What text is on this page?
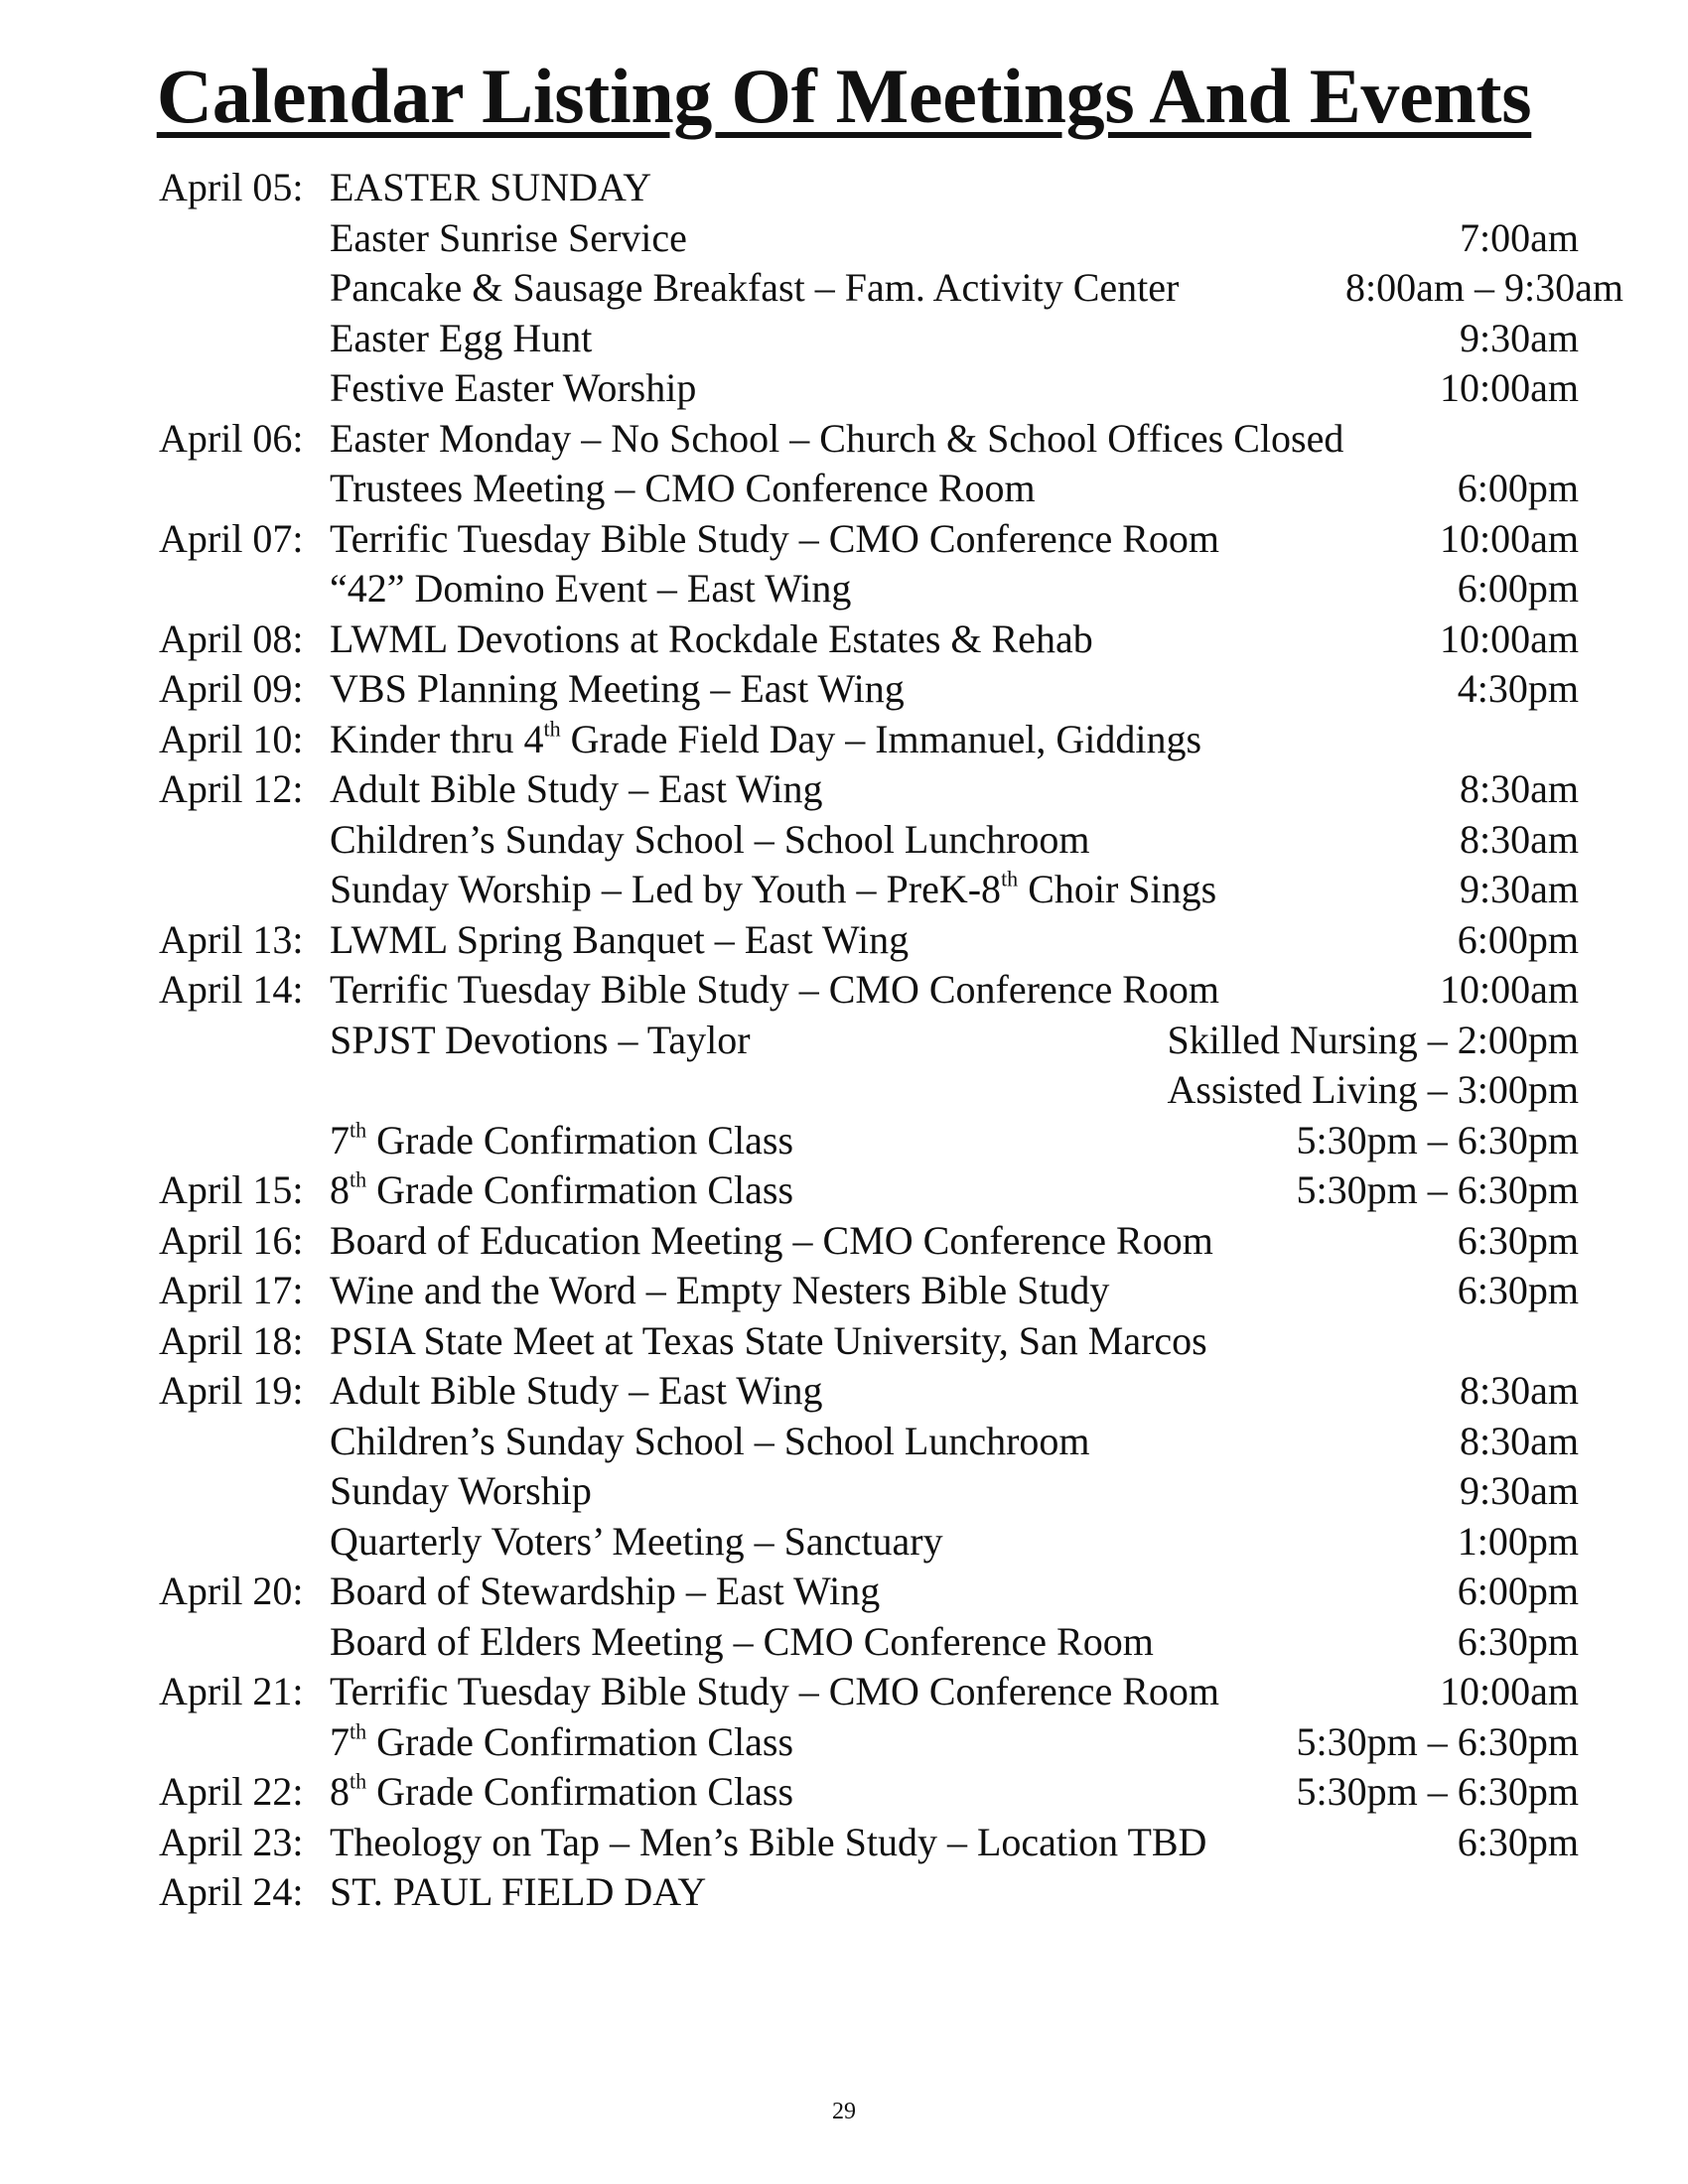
Calendar Listing Of Meetings And Events
April 05: EASTER SUNDAY
Easter Sunrise Service	7:00am
Pancake & Sausage Breakfast – Fam. Activity Center	8:00am – 9:30am
Easter Egg Hunt	9:30am
Festive Easter Worship	10:00am
April 06: Easter Monday – No School – Church & School Offices Closed
Trustees Meeting – CMO Conference Room	6:00pm
April 07: Terrific Tuesday Bible Study – CMO Conference Room	10:00am
“42” Domino Event – East Wing	6:00pm
April 08: LWML Devotions at Rockdale Estates & Rehab	10:00am
April 09: VBS Planning Meeting – East Wing	4:30pm
April 10: Kinder thru 4th Grade Field Day – Immanuel, Giddings
April 12: Adult Bible Study – East Wing	8:30am
Children’s Sunday School – School Lunchroom	8:30am
Sunday Worship – Led by Youth – PreK-8th Choir Sings	9:30am
April 13: LWML Spring Banquet – East Wing	6:00pm
April 14: Terrific Tuesday Bible Study – CMO Conference Room	10:00am
SPJST Devotions – Taylor	Skilled Nursing – 2:00pm
Assisted Living – 3:00pm
7th Grade Confirmation Class	5:30pm – 6:30pm
April 15: 8th Grade Confirmation Class	5:30pm – 6:30pm
April 16: Board of Education Meeting – CMO Conference Room	6:30pm
April 17: Wine and the Word – Empty Nesters Bible Study	6:30pm
April 18: PSIA State Meet at Texas State University, San Marcos
April 19: Adult Bible Study – East Wing	8:30am
Children’s Sunday School – School Lunchroom	8:30am
Sunday Worship	9:30am
Quarterly Voters’ Meeting – Sanctuary	1:00pm
April 20: Board of Stewardship – East Wing	6:00pm
Board of Elders Meeting – CMO Conference Room	6:30pm
April 21: Terrific Tuesday Bible Study – CMO Conference Room	10:00am
7th Grade Confirmation Class	5:30pm – 6:30pm
April 22: 8th Grade Confirmation Class	5:30pm – 6:30pm
April 23: Theology on Tap – Men’s Bible Study – Location TBD	6:30pm
April 24: ST. PAUL FIELD DAY

29
